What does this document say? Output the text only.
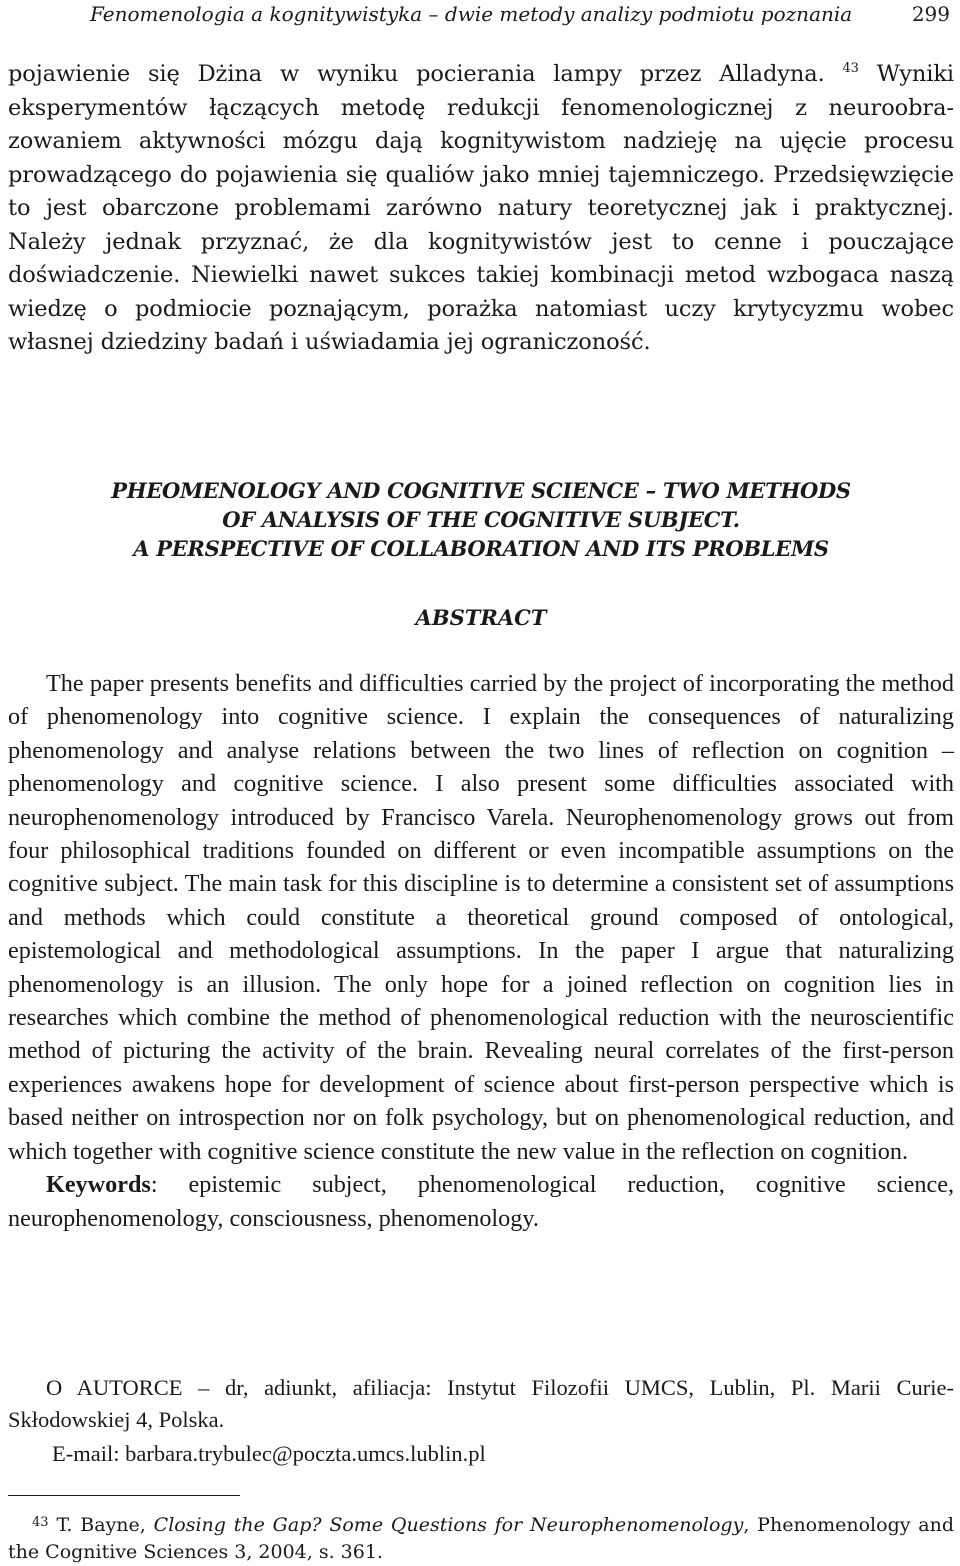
Fenomenologia a kognitywistyka – dwie metody analizy podmiotu poznania	299
pojawienie się Dżina w wyniku pocierania lampy przez Alladyna. $^{43}$ Wyniki eksperymentów łączących metodę redukcji fenomenologicznej z neuroobrazowaniem aktywności mózgu dają kognitywistom nadzieję na ujęcie procesu prowadzącego do pojawienia się qualiów jako mniej tajemniczego. Przedsięwzięcie to jest obarczone problemami zarówno natury teoretycznej jak i praktycznej. Należy jednak przyznać, że dla kognitywistów jest to cenne i pouczające doświadczenie. Niewielki nawet sukces takiej kombinacji metod wzbogaca naszą wiedzę o podmiocie poznającym, porażka natomiast uczy krytycyzmu wobec własnej dziedziny badań i uświadamia jej ograniczoność.
PHEOMENOLOGY AND COGNITIVE SCIENCE – TWO METHODS
OF ANALYSIS OF THE COGNITIVE SUBJECT.
A PERSPECTIVE OF COLLABORATION AND ITS PROBLEMS
ABSTRACT

The paper presents benefits and difficulties carried by the project of incorporating the method of phenomenology into cognitive science. I explain the consequences of naturalizing phenomenology and analyse relations between the two lines of reflection on cognition – phenomenology and cognitive science. I also present some difficulties associated with neurophenomenology introduced by Francisco Varela. Neurophenomenology grows out from four philosophical traditions founded on different or even incompatible assumptions on the cognitive subject. The main task for this discipline is to determine a consistent set of assumptions and methods which could constitute a theoretical ground composed of ontological, epistemological and methodological assumptions. In the paper I argue that naturalizing phenomenology is an illusion. The only hope for a joined reflection on cognition lies in researches which combine the method of phenomenological reduction with the neuroscientific method of picturing the activity of the brain. Revealing neural correlates of the first-person experiences awakens hope for development of science about first-person perspective which is based neither on introspection nor on folk psychology, but on phenomenological reduction, and which together with cognitive science constitute the new value in the reflection on cognition.

Keywords: epistemic subject, phenomenological reduction, cognitive science, neurophenomenology, consciousness, phenomenology.

O AUTORCE – dr, adiunkt, afiliacja: Instytut Filozofii UMCS, Lublin, Pl. Marii Curie-Skłodowskiej 4, Polska.
E-mail: barbara.trybulec@poczta.umcs.lublin.pl
$^{43}$ T. Bayne, Closing the Gap? Some Questions for Neurophenomenology, Phenomenology and the Cognitive Sciences 3, 2004, s. 361.
